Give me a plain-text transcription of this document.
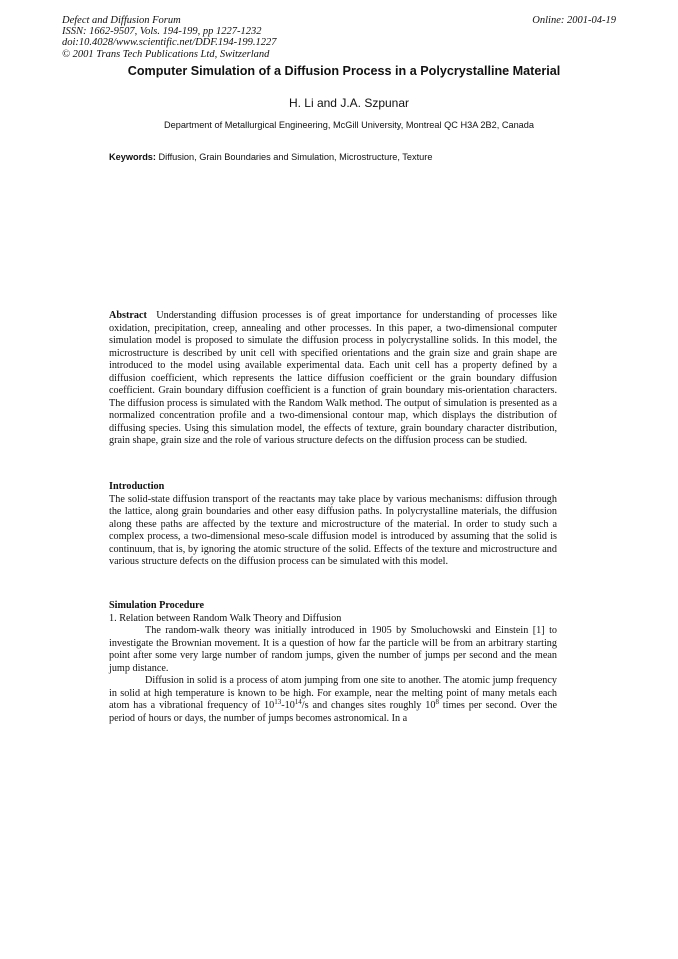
Defect and Diffusion Forum
ISSN: 1662-9507, Vols. 194-199, pp 1227-1232
doi:10.4028/www.scientific.net/DDF.194-199.1227
© 2001 Trans Tech Publications Ltd, Switzerland
Online: 2001-04-19
Computer Simulation of a Diffusion Process in a Polycrystalline Material
H. Li and J.A. Szpunar
Department of Metallurgical Engineering, McGill University, Montreal QC H3A 2B2, Canada
Keywords: Diffusion, Grain Boundaries and Simulation, Microstructure, Texture

Abstract Understanding diffusion processes is of great importance for understanding of processes like oxidation, precipitation, creep, annealing and other processes. In this paper, a two-dimensional computer simulation model is proposed to simulate the diffusion process in polycrystalline solids. In this model, the microstructure is described by unit cell with specified orientations and the grain size and grain shape are introduced to the model using available experimental data. Each unit cell has a property defined by a diffusion coefficient, which represents the lattice diffusion coefficient or the grain boundary diffusion coefficient. Grain boundary diffusion coefficient is a function of grain boundary mis-orientation characters. The diffusion process is simulated with the Random Walk method. The output of simulation is presented as a normalized concentration profile and a two-dimensional contour map, which displays the distribution of diffusing species. Using this simulation model, the effects of texture, grain boundary character distribution, grain shape, grain size and the role of various structure defects on the diffusion process can be studied.

Introduction

The solid-state diffusion transport of the reactants may take place by various mechanisms: diffusion through the lattice, along grain boundaries and other easy diffusion paths. In polycrystalline materials, the diffusion along these paths are affected by the texture and microstructure of the material. In order to study such a complex process, a two-dimensional meso-scale diffusion model is introduced by assuming that the solid is continuum, that is, by ignoring the atomic structure of the solid. Effects of the texture and microstructure and various structure defects on the diffusion process can be simulated with this model.

Simulation Procedure

1. Relation between Random Walk Theory and Diffusion

The random-walk theory was initially introduced in 1905 by Smoluchowski and Einstein [1] to investigate the Brownian movement. It is a question of how far the particle will be from an arbitrary starting point after some very large number of random jumps, given the number of jumps per second and the mean jump distance.

Diffusion in solid is a process of atom jumping from one site to another. The atomic jump frequency in solid at high temperature is known to be high. For example, near the melting point of many metals each atom has a vibrational frequency of $10^{13}-10^{14}/s$ and changes sites roughly $10^8$ times per second. Over the period of hours or days, the number of jumps becomes astronomical. In a
